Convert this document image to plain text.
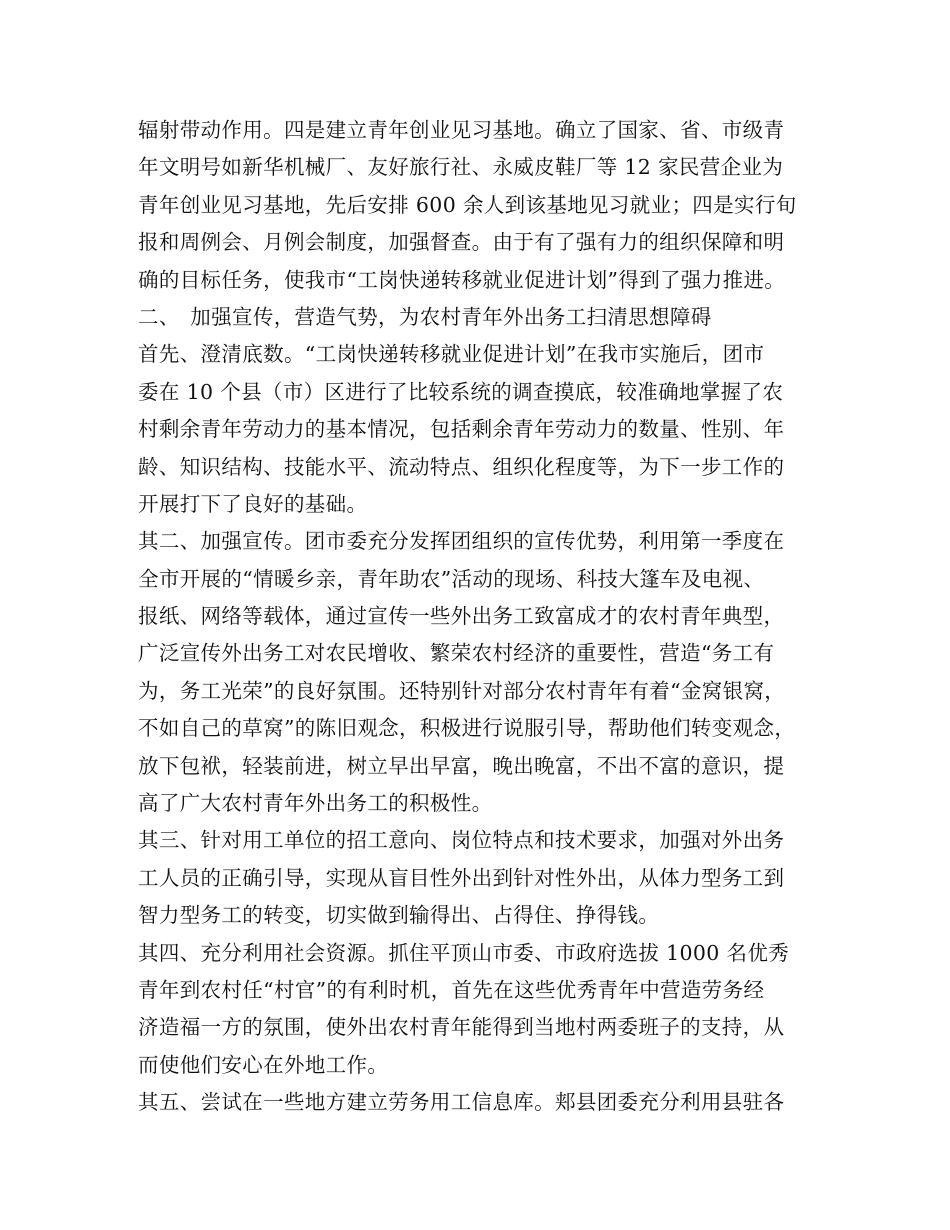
辐射带动作用。四是建立青年创业见习基地。确立了国家、省、市级青
年文明号如新华机械厂、友好旅行社、永威皮鞋厂等 12 家民营企业为
青年创业见习基地，先后安排 600 余人到该基地见习就业；四是实行旬
报和周例会、月例会制度，加强督查。由于有了强有力的组织保障和明
确的目标任务，使我市“工岗快递转移就业促进计划”得到了强力推进。
二、　加强宣传，营造气势，为农村青年外出务工扫清思想障碍
首先、澄清底数。“工岗快递转移就业促进计划”在我市实施后，团市
委在 10 个县（市）区进行了比较系统的调查摸底，较准确地掌握了农
村剩余青年劳动力的基本情况，包括剩余青年劳动力的数量、性别、年
龄、知识结构、技能水平、流动特点、组织化程度等，为下一步工作的
开展打下了良好的基础。
其二、加强宣传。团市委充分发挥团组织的宣传优势，利用第一季度在
全市开展的“情暖乡亲，青年助农”活动的现场、科技大篷车及电视、
报纸、网络等载体，通过宣传一些外出务工致富成才的农村青年典型，
广泛宣传外出务工对农民增收、繁荣农村经济的重要性，营造“务工有
为，务工光荣”的良好氛围。还特别针对部分农村青年有着“金窝银窝，
不如自己的草窝”的陈旧观念，积极进行说服引导，帮助他们转变观念，
放下包袱，轻装前进，树立早出早富，晚出晚富，不出不富的意识，提
高了广大农村青年外出务工的积极性。
其三、针对用工单位的招工意向、岗位特点和技术要求，加强对外出务
工人员的正确引导，实现从盲目性外出到针对性外出，从体力型务工到
智力型务工的转变，切实做到输得出、占得住、挣得钱。
其四、充分利用社会资源。抓住平顶山市委、市政府选拔 1000 名优秀
青年到农村任“村官”的有利时机，首先在这些优秀青年中营造劳务经
济造福一方的氛围，使外出农村青年能得到当地村两委班子的支持，从
而使他们安心在外地工作。
其五、尝试在一些地方建立劳务用工信息库。郏县团委充分利用县驻各
